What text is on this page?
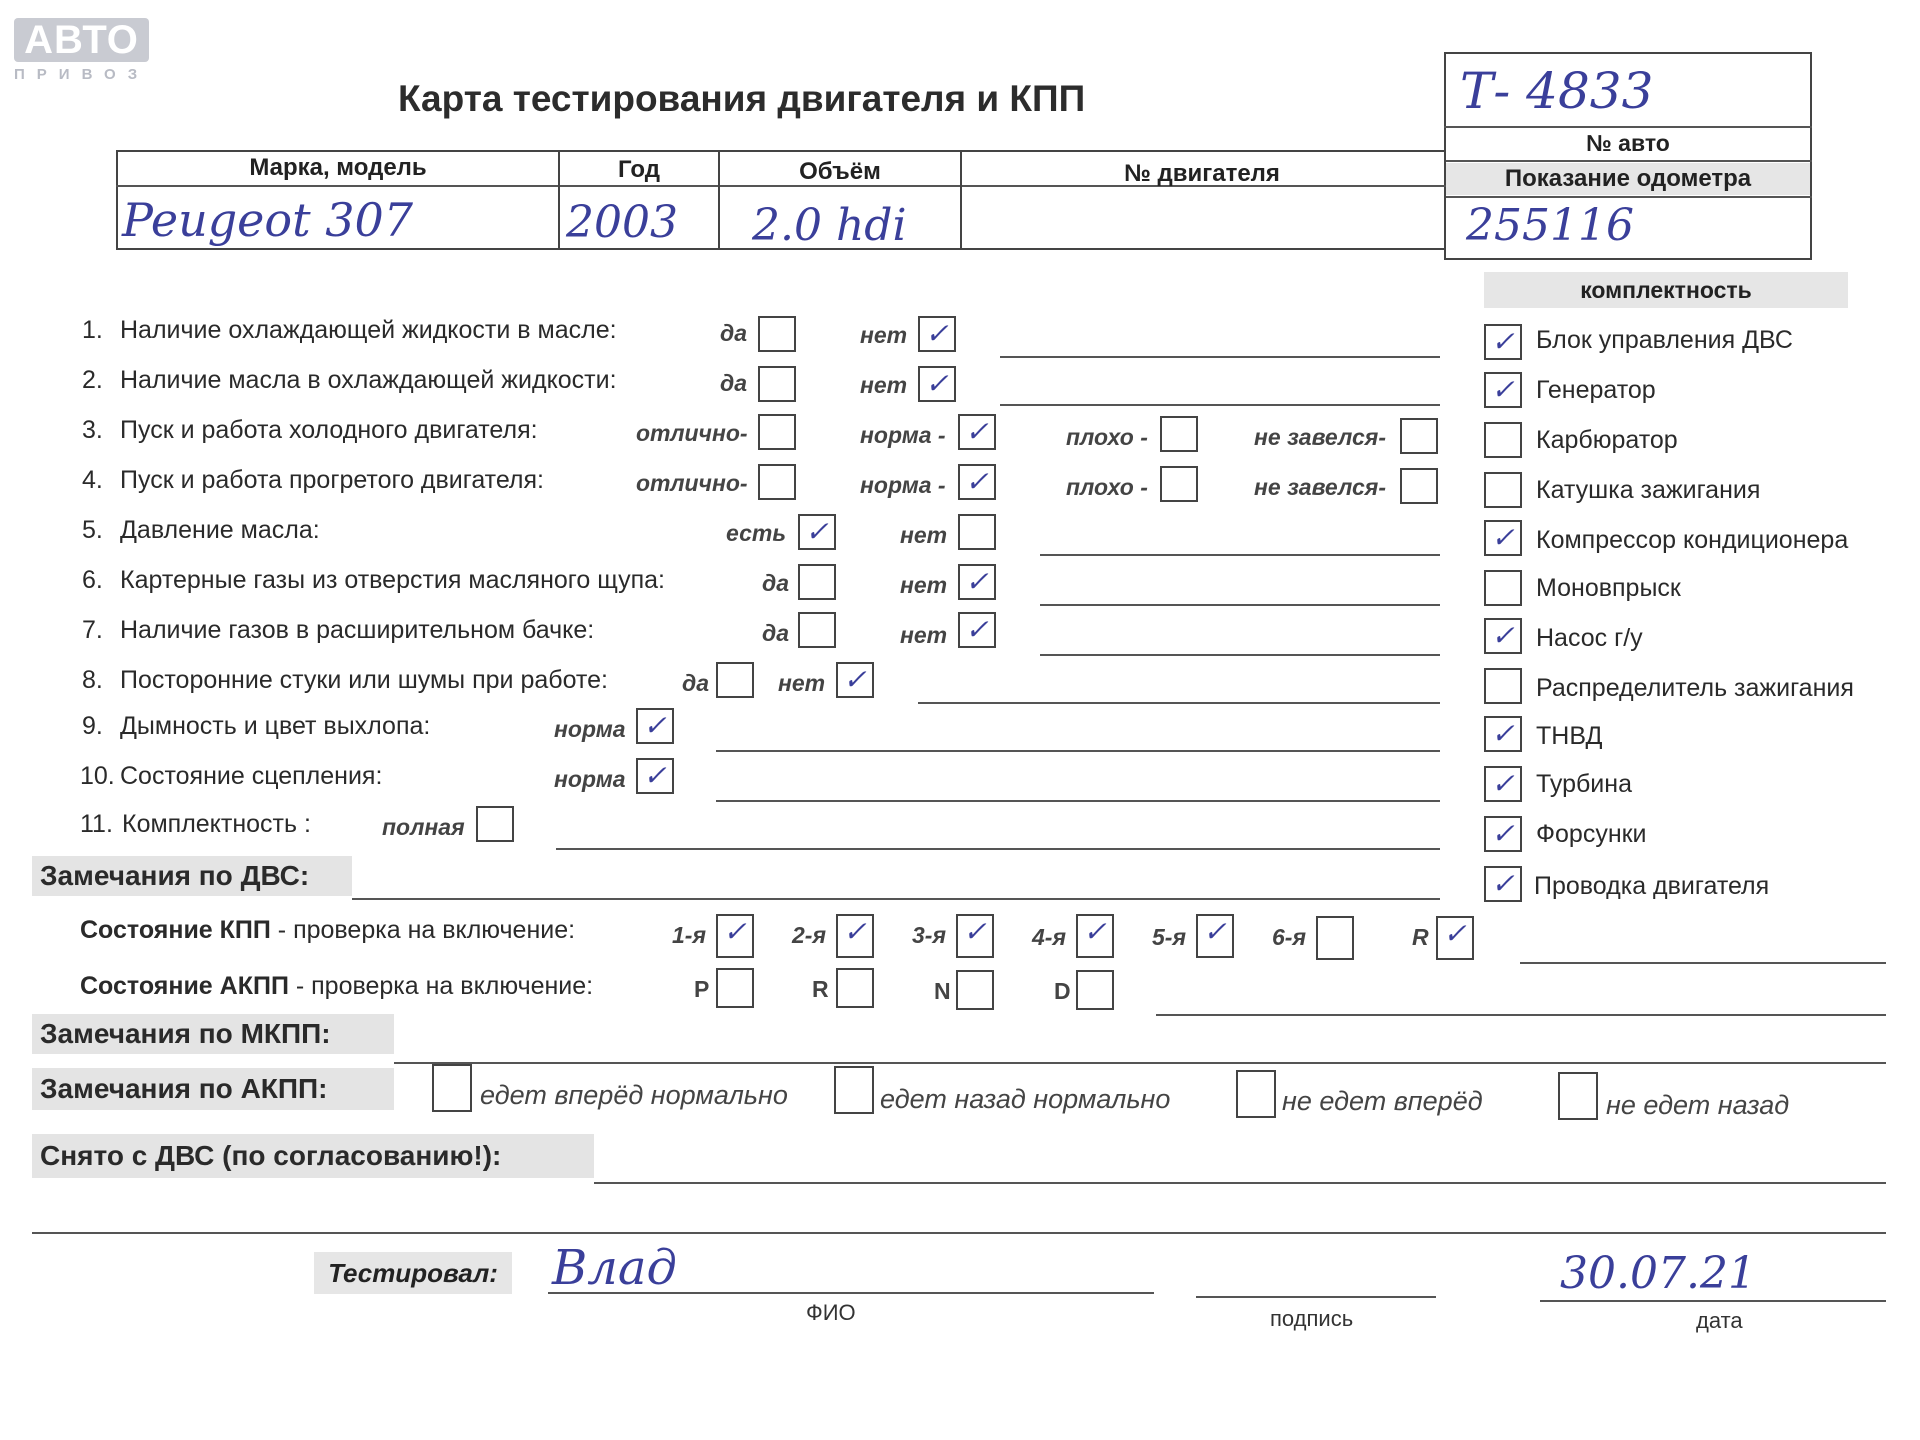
АВТО
ПРИВОЗ
Карта тестирования двигателя и КПП	Т- 4833
№ авто
Показание одометра
255116
Марка, модель	Год	Объём	№ двигателя
Peugeot 307	2003 2.0 hdi
комплектность
1. Наличие охлаждающей жидкости в масле:	да	нет ✓
2. Наличие масла в охлаждающей жидкости:	да	нет ✓
3. Пуск и работа холодного двигателя:	отлично-	норма - ✓	плохо -	не завелся-
4. Пуск и работа прогретого двигателя:	отлично-	норма - ✓	плохо -	не завелся-
5. Давление масла:	есть ✓	нет
6. Картерные газы из отверстия масляного щупа:	да	нет ✓
7. Наличие газов в расширительном бачке:	да	нет ✓
8. Посторонние стуки или шумы при работе:	да	нет ✓
9. Дымность и цвет выхлопа:	норма ✓
10. Состояние сцепления:	норма ✓
11. Комплектность :	полная
✓ Блок управления ДВС
✓ Генератор
Карбюратор
Катушка зажигания
✓ Компрессор кондиционера
Моновпрыск
✓ Насос г/у
Распределитель зажигания
✓ ТНВД
✓ Турбина
✓ Форсунки
✓ Проводка двигателя
Замечания по ДВС:
Состояние КПП - проверка на включение:	1-я ✓	2-я ✓	3-я ✓	4-я ✓	5-я ✓	6-я	R ✓
Состояние АКПП - проверка на включение:	P	R	N	D
Замечания по МКПП:
Замечания по АКПП:	едет вперёд нормально	едет назад нормально	не едет вперёд	не едет назад
Снято с ДВС (по согласованию!):
Тестировал: Влад
ФИО	подпись
30.07.21
дата
